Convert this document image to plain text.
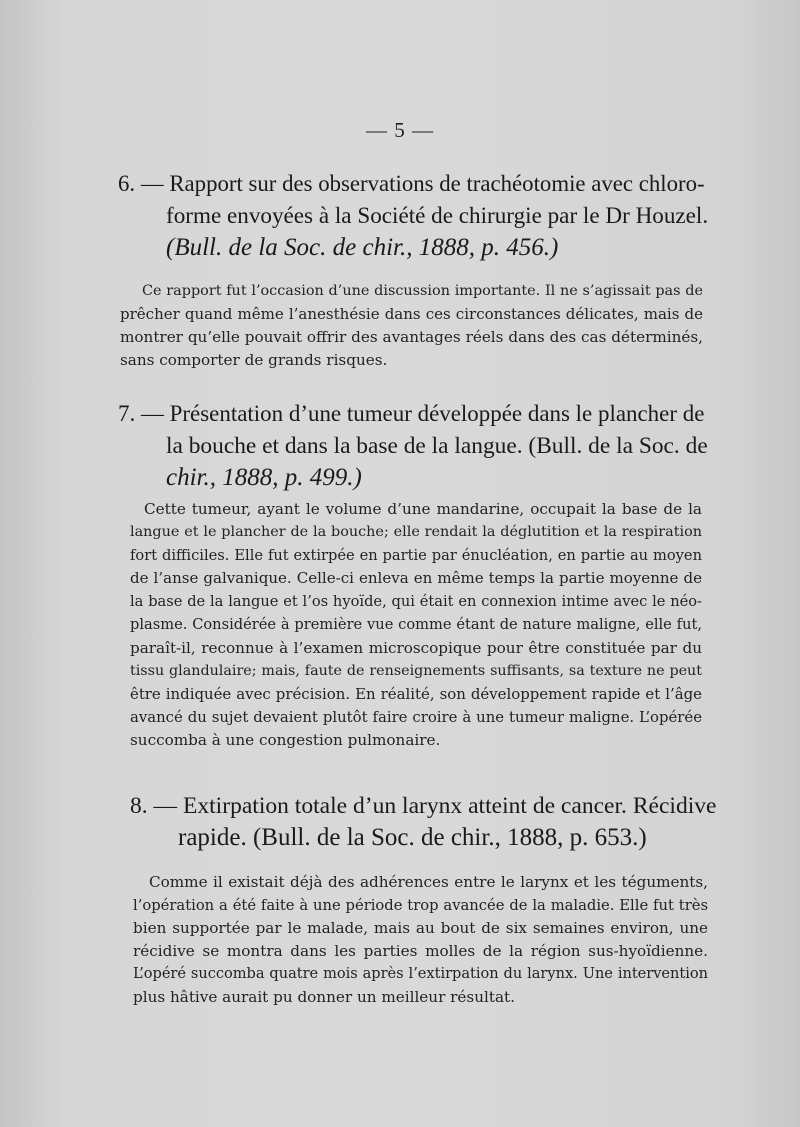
— 5 —
6. — Rapport sur des observations de trachéotomie avec chloro-
forme envoyées à la Société de chirurgie par le Dr Houzel.
(Bull. de la Soc. de chir., 1888, p. 456.)
Ce rapport fut l’occasion d’une discussion importante. Il ne s’agissait pas de
prêcher quand même l’anesthésie dans ces circonstances délicates, mais de
montrer qu’elle pouvait offrir des avantages réels dans des cas déterminés,
sans comporter de grands risques.
7. — Présentation d’une tumeur développée dans le plancher de
la bouche et dans la base de la langue. (Bull. de la Soc. de
chir., 1888, p. 499.)
Cette tumeur, ayant le volume d’une mandarine, occupait la base de la
langue et le plancher de la bouche; elle rendait la déglutition et la respiration
fort difficiles. Elle fut extirpée en partie par énucléation, en partie au moyen
de l’anse galvanique. Celle-ci enleva en même temps la partie moyenne de
la base de la langue et l’os hyoïde, qui était en connexion intime avec le néo-
plasme. Considérée à première vue comme étant de nature maligne, elle fut,
paraît-il, reconnue à l’examen microscopique pour être constituée par du
tissu glandulaire; mais, faute de renseignements suffisants, sa texture ne peut
être indiquée avec précision. En réalité, son développement rapide et l’âge
avancé du sujet devaient plutôt faire croire à une tumeur maligne. L’opérée
succomba à une congestion pulmonaire.
8. — Extirpation totale d’un larynx atteint de cancer. Récidive
rapide. (Bull. de la Soc. de chir., 1888, p. 653.)
Comme il existait déjà des adhérences entre le larynx et les téguments,
l’opération a été faite à une période trop avancée de la maladie. Elle fut très
bien supportée par le malade, mais au bout de six semaines environ, une
récidive se montra dans les parties molles de la région sus-hyoïdienne.
L’opéré succomba quatre mois après l’extirpation du larynx. Une intervention
plus hâtive aurait pu donner un meilleur résultat.
